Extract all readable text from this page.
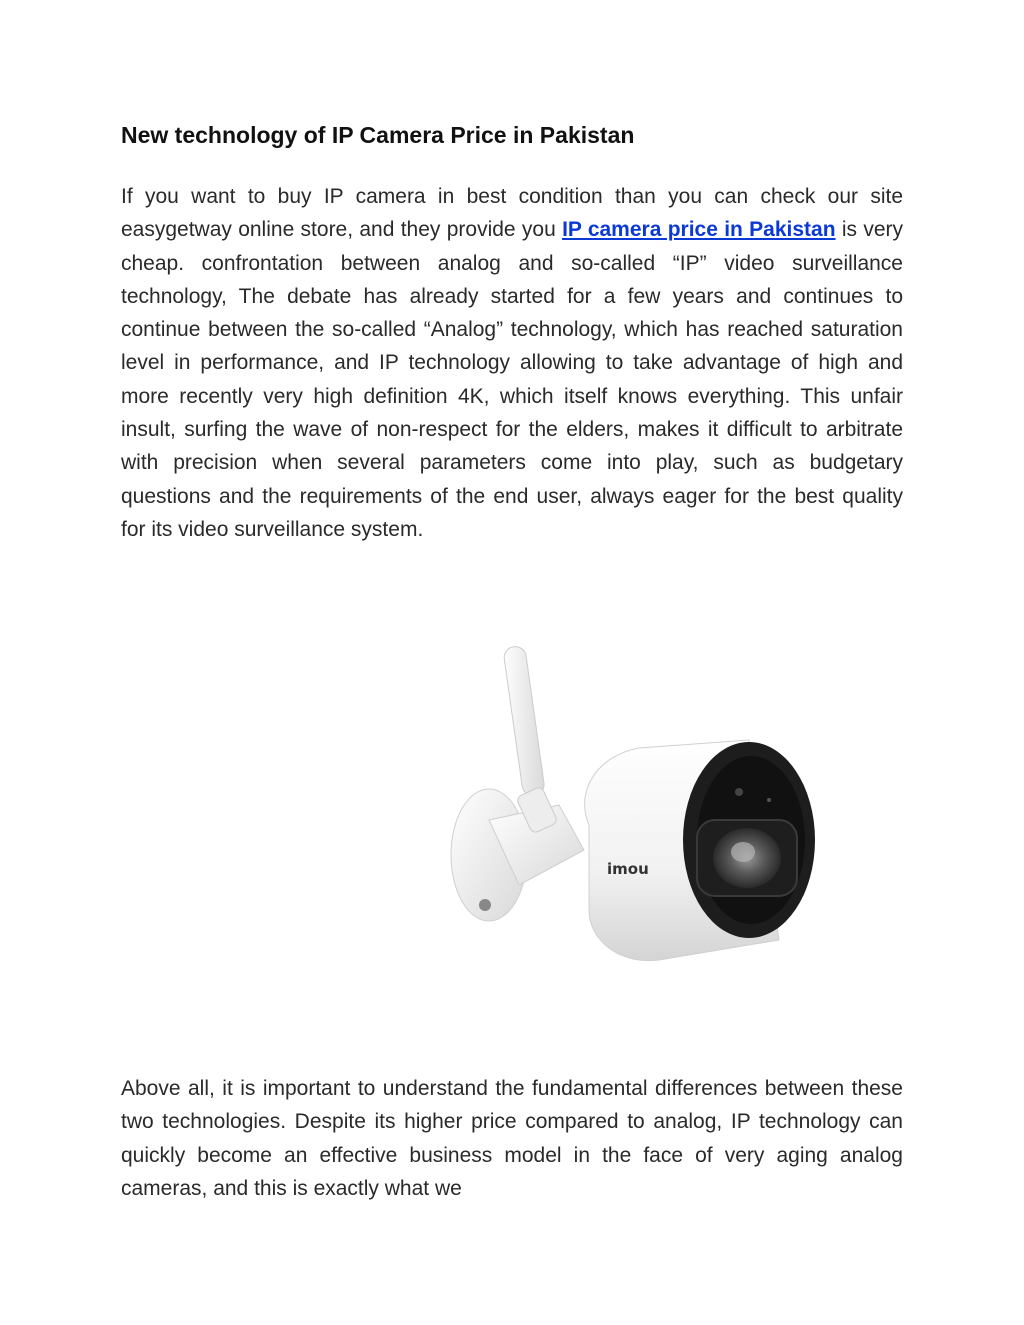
New technology of IP Camera Price in Pakistan

If you want to buy IP camera in best condition than you can check our site easygetway online store, and they provide you IP camera price in Pakistan is very cheap. confrontation between analog and so-called “IP” video surveillance technology, The debate has already started for a few years and continues to continue between the so-called “Analog” technology, which has reached saturation level in performance, and IP technology allowing to take advantage of high and more recently very high definition 4K, which itself knows everything. This unfair insult, surfing the wave of non-respect for the elders, makes it difficult to arbitrate with precision when several parameters come into play, such as budgetary questions and the requirements of the end user, always eager for the best quality for its video surveillance system.

imou

Above all, it is important to understand the fundamental differences between these two technologies. Despite its higher price compared to analog, IP technology can quickly become an effective business model in the face of very aging analog cameras, and this is exactly what we
